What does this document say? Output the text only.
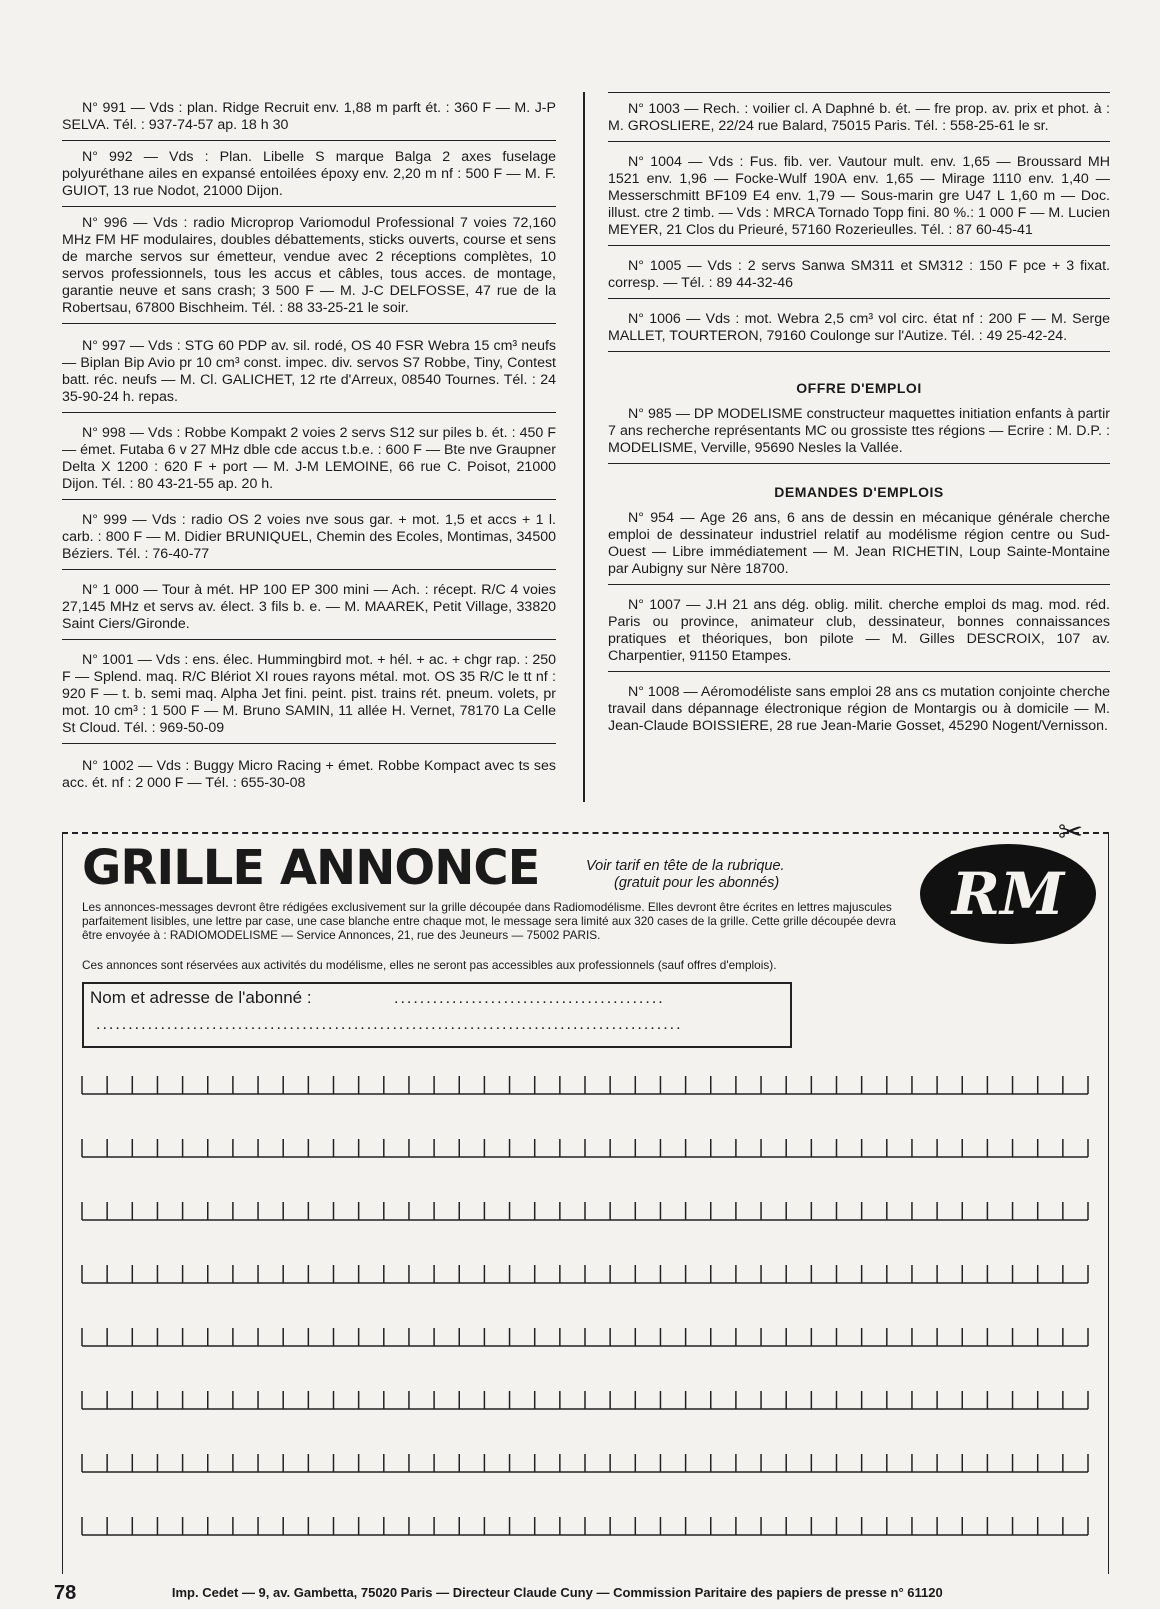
N° 991 — Vds : plan. Ridge Recruit env. 1,88 m parft ét. : 360 F — M. J-P SELVA. Tél. : 937-74-57 ap. 18 h 30
N° 992 — Vds : Plan. Libelle S marque Balga 2 axes fuselage polyuréthane ailes en expansé entoilées époxy env. 2,20 m nf : 500 F — M. F. GUIOT, 13 rue Nodot, 21000 Dijon.
N° 996 — Vds : radio Microprop Variomodul Professional 7 voies 72,160 MHz FM HF modulaires, doubles débattements, sticks ouverts, course et sens de marche servos sur émetteur, vendue avec 2 réceptions complètes, 10 servos professionnels, tous les accus et câbles, tous acces. de montage, garantie neuve et sans crash; 3 500 F — M. J-C DELFOSSE, 47 rue de la Robertsau, 67800 Bischheim. Tél. : 88 33-25-21 le soir.
N° 997 — Vds : STG 60 PDP av. sil. rodé, OS 40 FSR Webra 15 cm³ neufs — Biplan Bip Avio pr 10 cm³ const. impec. div. servos S7 Robbe, Tiny, Contest batt. réc. neufs — M. Cl. GALICHET, 12 rte d'Arreux, 08540 Tournes. Tél. : 24 35-90-24 h. repas.
N° 998 — Vds : Robbe Kompakt 2 voies 2 servs S12 sur piles b. ét. : 450 F — émet. Futaba 6 v 27 MHz dble cde accus t.b.e. : 600 F — Bte nve Graupner Delta X 1200 : 620 F + port — M. J-M LEMOINE, 66 rue C. Poisot, 21000 Dijon. Tél. : 80 43-21-55 ap. 20 h.
N° 999 — Vds : radio OS 2 voies nve sous gar. + mot. 1,5 et accs + 1 l. carb. : 800 F — M. Didier BRUNIQUEL, Chemin des Ecoles, Montimas, 34500 Béziers. Tél. : 76-40-77
N° 1 000 — Tour à mét. HP 100 EP 300 mini — Ach. : récept. R/C 4 voies 27,145 MHz et servs av. élect. 3 fils b. e. — M. MAAREK, Petit Village, 33820 Saint Ciers/Gironde.
N° 1001 — Vds : ens. élec. Hummingbird mot. + hél. + ac. + chgr rap. : 250 F — Splend. maq. R/C Blériot XI roues rayons métal. mot. OS 35 R/C le tt nf : 920 F — t. b. semi maq. Alpha Jet fini. peint. pist. trains rét. pneum. volets, pr mot. 10 cm³ : 1 500 F — M. Bruno SAMIN, 11 allée H. Vernet, 78170 La Celle St Cloud. Tél. : 969-50-09
N° 1002 — Vds : Buggy Micro Racing + émet. Robbe Kompact avec ts ses acc. ét. nf : 2 000 F — Tél. : 655-30-08
N° 1003 — Rech. : voilier cl. A Daphné b. ét. — fre prop. av. prix et phot. à : M. GROSLIERE, 22/24 rue Balard, 75015 Paris. Tél. : 558-25-61 le sr.
N° 1004 — Vds : Fus. fib. ver. Vautour mult. env. 1,65 — Broussard MH 1521 env. 1,96 — Focke-Wulf 190A env. 1,65 — Mirage 1110 env. 1,40 — Messerschmitt BF109 E4 env. 1,79 — Sous-marin gre U47 L 1,60 m — Doc. illust. ctre 2 timb. — Vds : MRCA Tornado Topp fini. 80 %.: 1 000 F — M. Lucien MEYER, 21 Clos du Prieuré, 57160 Rozerieulles. Tél. : 87 60-45-41
N° 1005 — Vds : 2 servs Sanwa SM311 et SM312 : 150 F pce + 3 fixat. corresp. — Tél. : 89 44-32-46
N° 1006 — Vds : mot. Webra 2,5 cm³ vol circ. état nf : 200 F — M. Serge MALLET, TOURTERON, 79160 Coulonge sur l'Autize. Tél. : 49 25-42-24.
OFFRE D'EMPLOI
N° 985 — DP MODELISME constructeur maquettes initiation enfants à partir 7 ans recherche représentants MC ou grossiste ttes régions — Ecrire : M. D.P. : MODELISME, Verville, 95690 Nesles la Vallée.
DEMANDES D'EMPLOIS
N° 954 — Age 26 ans, 6 ans de dessin en mécanique générale cherche emploi de dessinateur industriel relatif au modélisme région centre ou Sud-Ouest — Libre immédiatement — M. Jean RICHETIN, Loup Sainte-Montaine par Aubigny sur Nère 18700.
N° 1007 — J.H 21 ans dég. oblig. milit. cherche emploi ds mag. mod. réd. Paris ou province, animateur club, dessinateur, bonnes connaissances pratiques et théoriques, bon pilote — M. Gilles DESCROIX, 107 av. Charpentier, 91150 Etampes.
N° 1008 — Aéromodéliste sans emploi 28 ans cs mutation conjointe cherche travail dans dépannage électronique région de Montargis ou à domicile — M. Jean-Claude BOISSIERE, 28 rue Jean-Marie Gosset, 45290 Nogent/Vernisson.
✂
GRILLE ANNONCE	Voir tarif en tête de la rubrique.
(gratuit pour les abonnés)	RM
Les annonces-messages devront être rédigées exclusivement sur la grille découpée dans Radiomodélisme. Elles devront être écrites en lettres majuscules parfaitement lisibles, une lettre par case, une case blanche entre chaque mot, le message sera limité aux 320 cases de la grille. Cette grille découpée devra être envoyée à : RADIOMODELISME — Service Annonces, 21, rue des Jeuneurs — 75002 PARIS.
Ces annonces sont réservées aux activités du modélisme, elles ne seront pas accessibles aux professionnels (sauf offres d'emplois).
Nom et adresse de l'abonné :	..........................................
...........................................................................................
78	Imp. Cedet — 9, av. Gambetta, 75020 Paris — Directeur Claude Cuny — Commission Paritaire des papiers de presse n° 61120
